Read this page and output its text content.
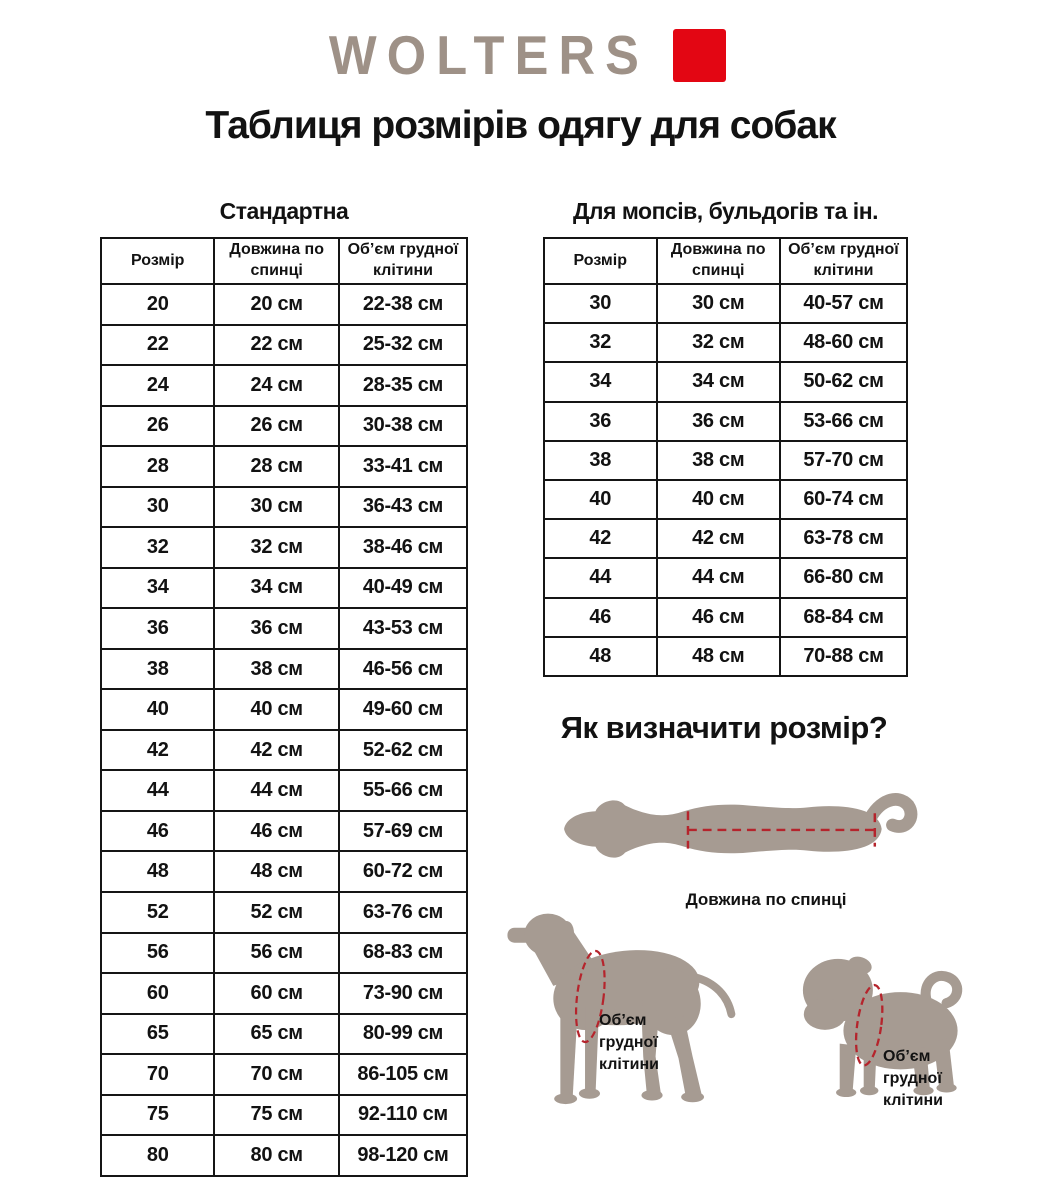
WOLTERS
Таблиця розмірів одягу для собак
Стандартна	Для мопсів, бульдогів та ін.
Розмір	Довжина по спинці	Об’єм грудної клітини
20	20 см	22-38 см
22	22 см	25-32 см
24	24 см	28-35 см
26	26 см	30-38 см
28	28 см	33-41 см
30	30 см	36-43 см
32	32 см	38-46 см
34	34 см	40-49 см
36	36 см	43-53 см
38	38 см	46-56 см
40	40 см	49-60 см
42	42 см	52-62 см
44	44 см	55-66 см
46	46 см	57-69 см
48	48 см	60-72 см
52	52 см	63-76 см
56	56 см	68-83 см
60	60 см	73-90 см
65	65 см	80-99 см
70	70 см	86-105 см
75	75 см	92-110 см
80	80 см	98-120 см
Розмір	Довжина по спинці	Об’єм грудної клітини
30	30 см	40-57 см
32	32 см	48-60 см
34	34 см	50-62 см
36	36 см	53-66 см
38	38 см	57-70 см
40	40 см	60-74 см
42	42 см	63-78 см
44	44 см	66-80 см
46	46 см	68-84 см
48	48 см	70-88 см
Як визначити розмір?
Довжина по спинці
Об’єм грудної клітини	Об’єм грудної клітини
